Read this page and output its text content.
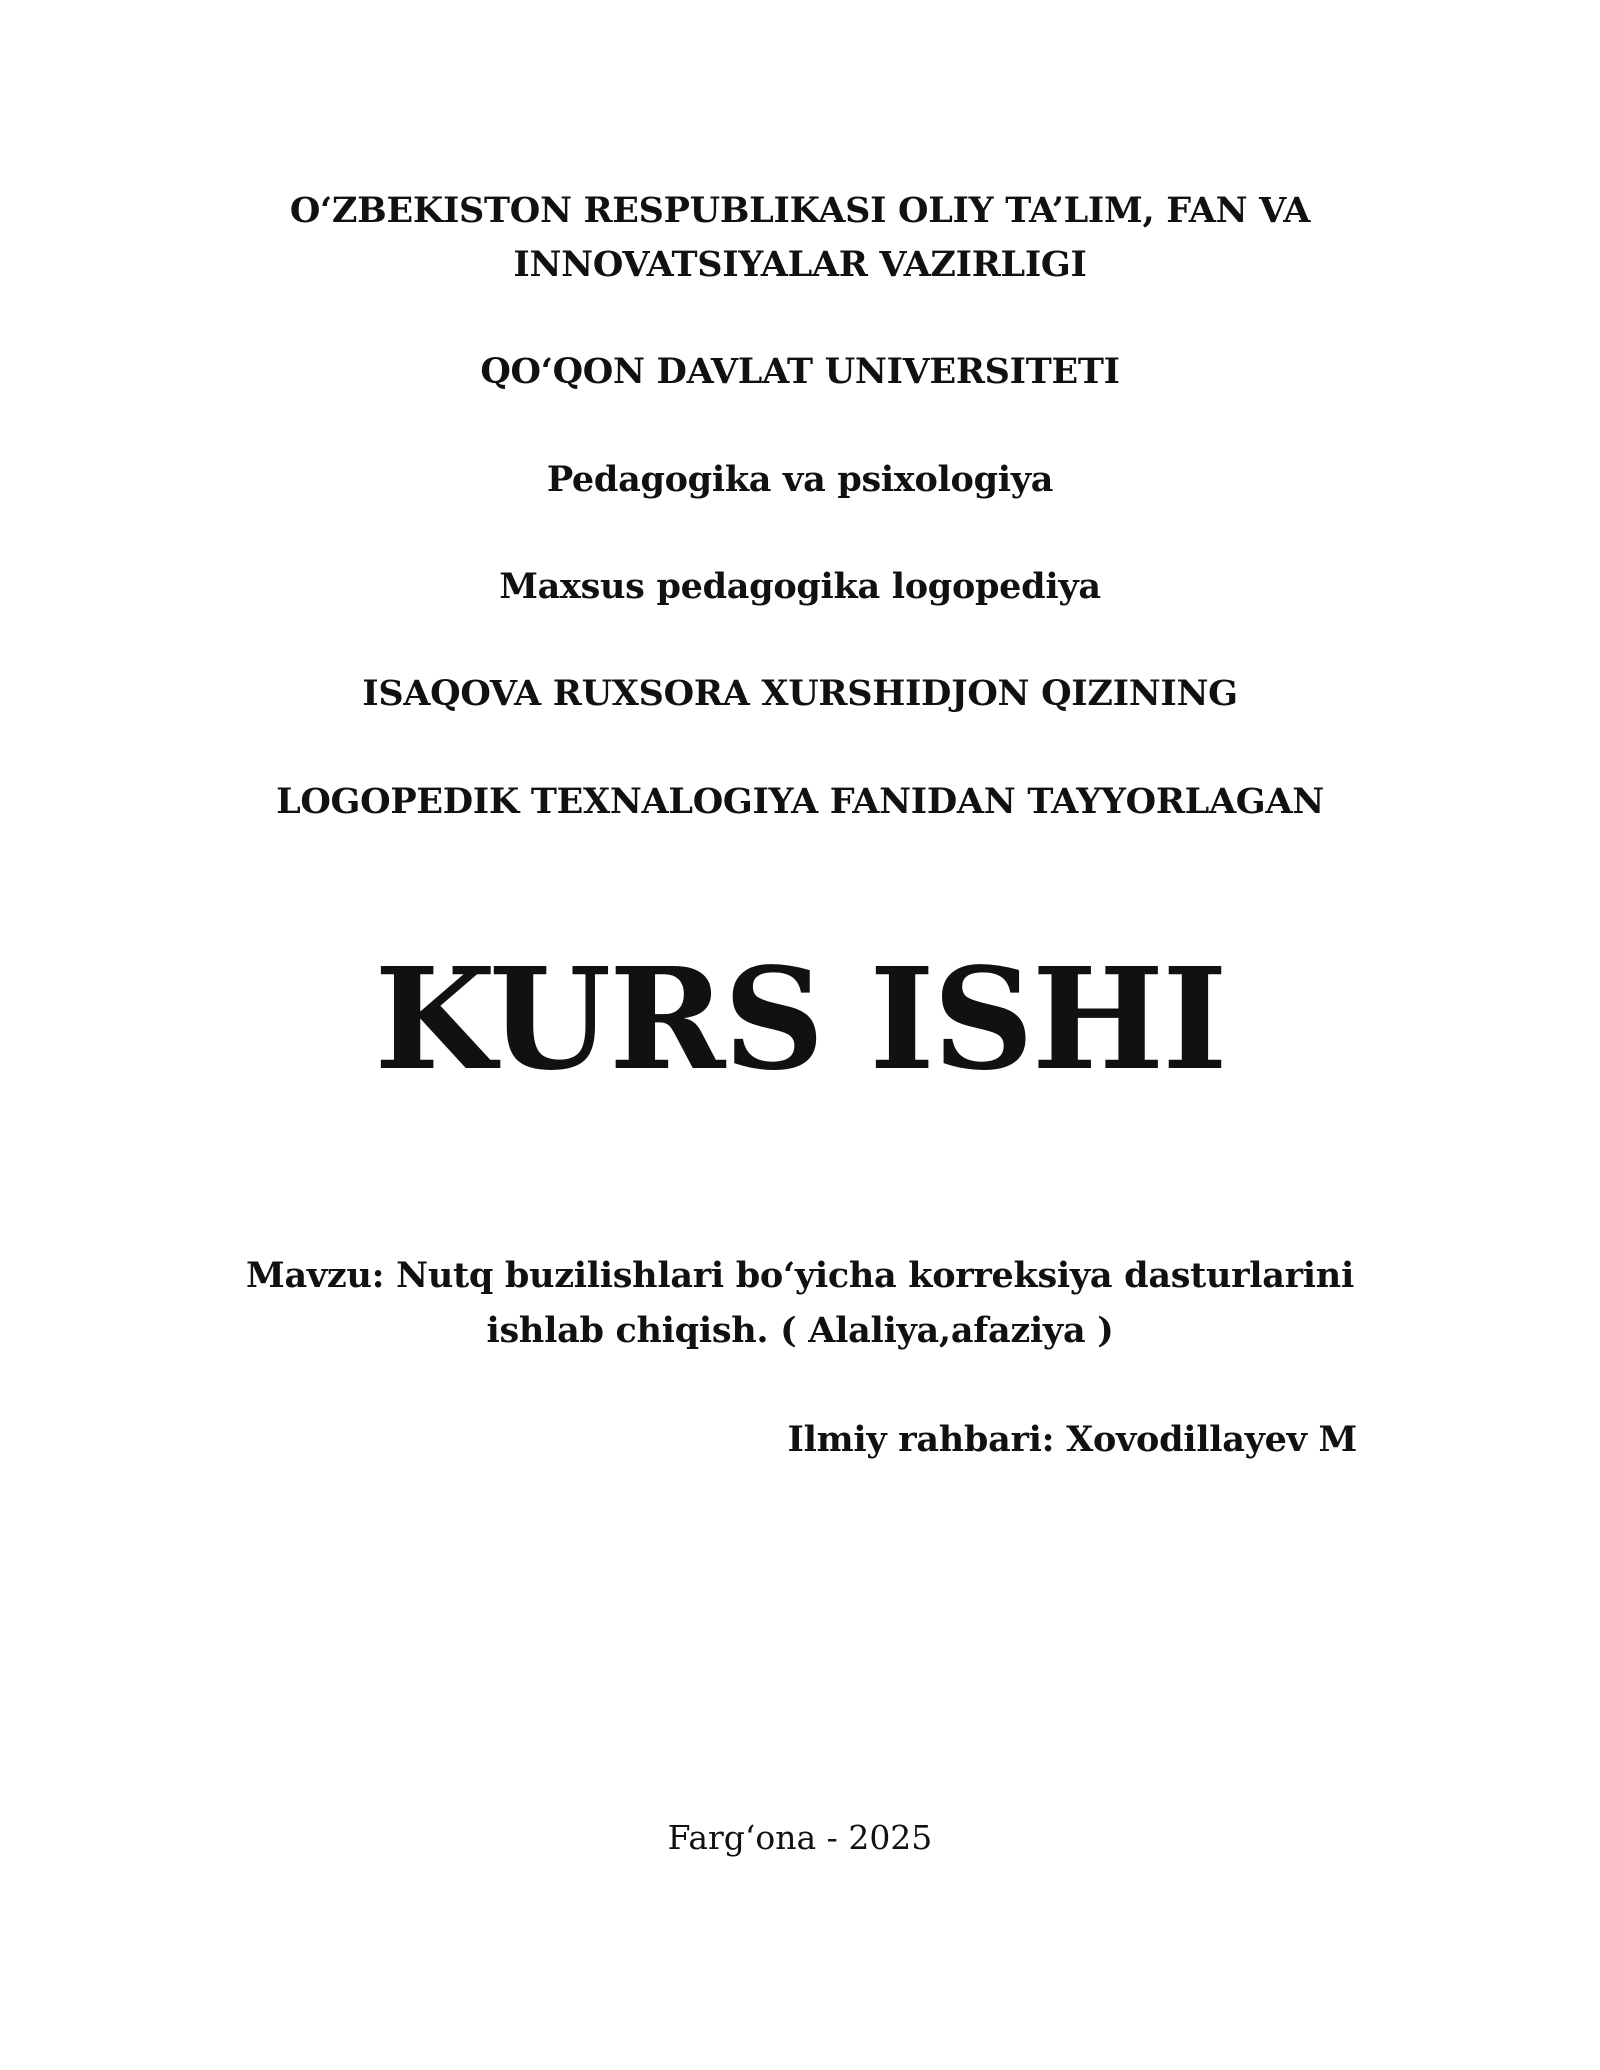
O‘ZBEKISTON RESPUBLIKASI OLIY TA’LIM, FAN VA
INNOVATSIYALAR VAZIRLIGI
QO‘QON DAVLAT UNIVERSITETI
Pedagogika va psixologiya
Maxsus pedagogika logopediya
ISAQOVA RUXSORA XURSHIDJON QIZINING
LOGOPEDIK TEXNALOGIYA FANIDAN TAYYORLAGAN
KURS ISHI
Mavzu: Nutq buzilishlari bo‘yicha korreksiya dasturlarini
ishlab chiqish. ( Alaliya,afaziya )
Ilmiy rahbari: Xovodillayev M
Farg‘ona - 2025
